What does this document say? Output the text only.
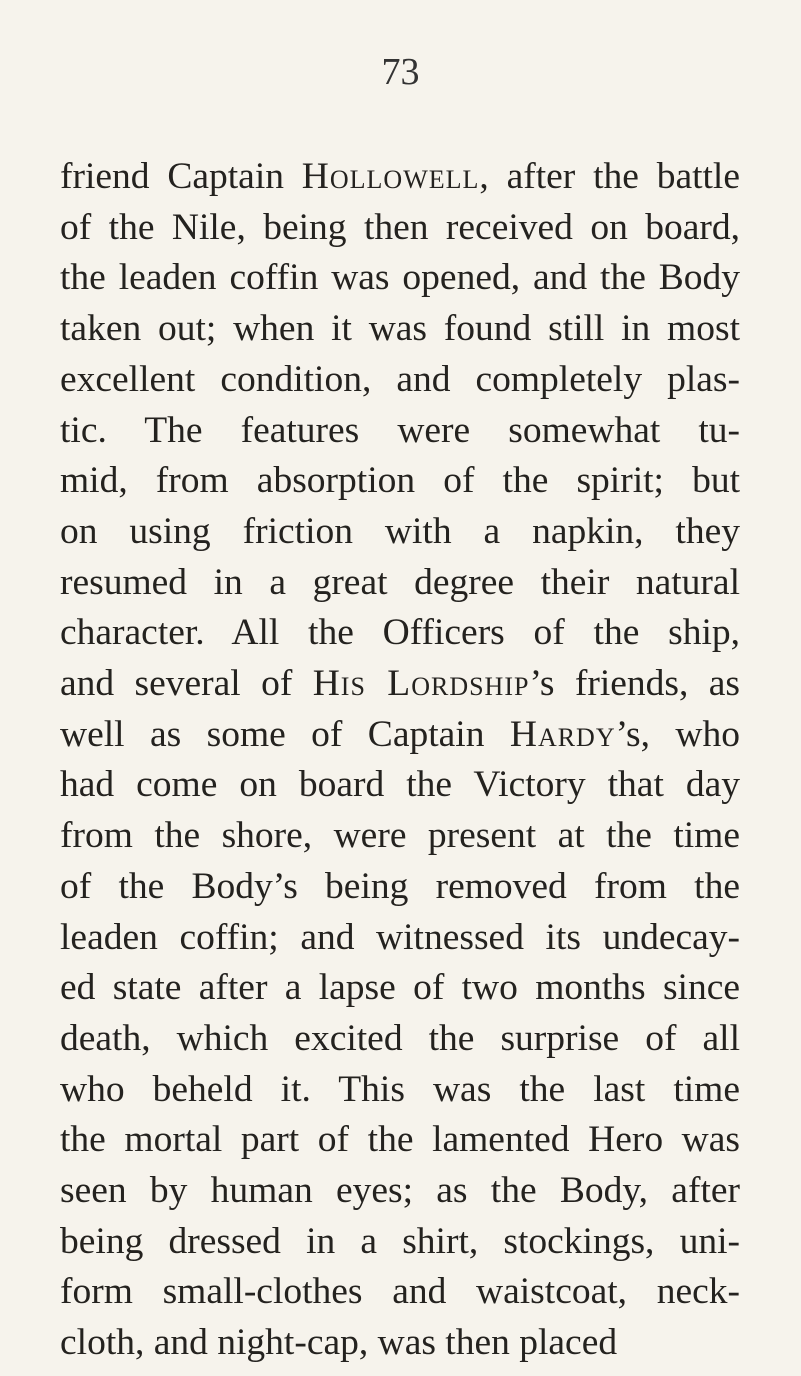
73
friend Captain Hollowell, after the battle
of the Nile, being then received on board,
the leaden coffin was opened, and the Body
taken out; when it was found still in most
excellent condition, and completely plas-
tic. The features were somewhat tu-
mid, from absorption of the spirit; but
on using friction with a napkin, they
resumed in a great degree their natural
character. All the Officers of the ship,
and several of His Lordship’s friends, as
well as some of Captain Hardy’s, who
had come on board the Victory that day
from the shore, were present at the time
of the Body’s being removed from the
leaden coffin; and witnessed its undecay-
ed state after a lapse of two months since
death, which excited the surprise of all
who beheld it. This was the last time
the mortal part of the lamented Hero was
seen by human eyes; as the Body, after
being dressed in a shirt, stockings, uni-
form small-clothes and waistcoat, neck-
cloth, and night-cap, was then placed
